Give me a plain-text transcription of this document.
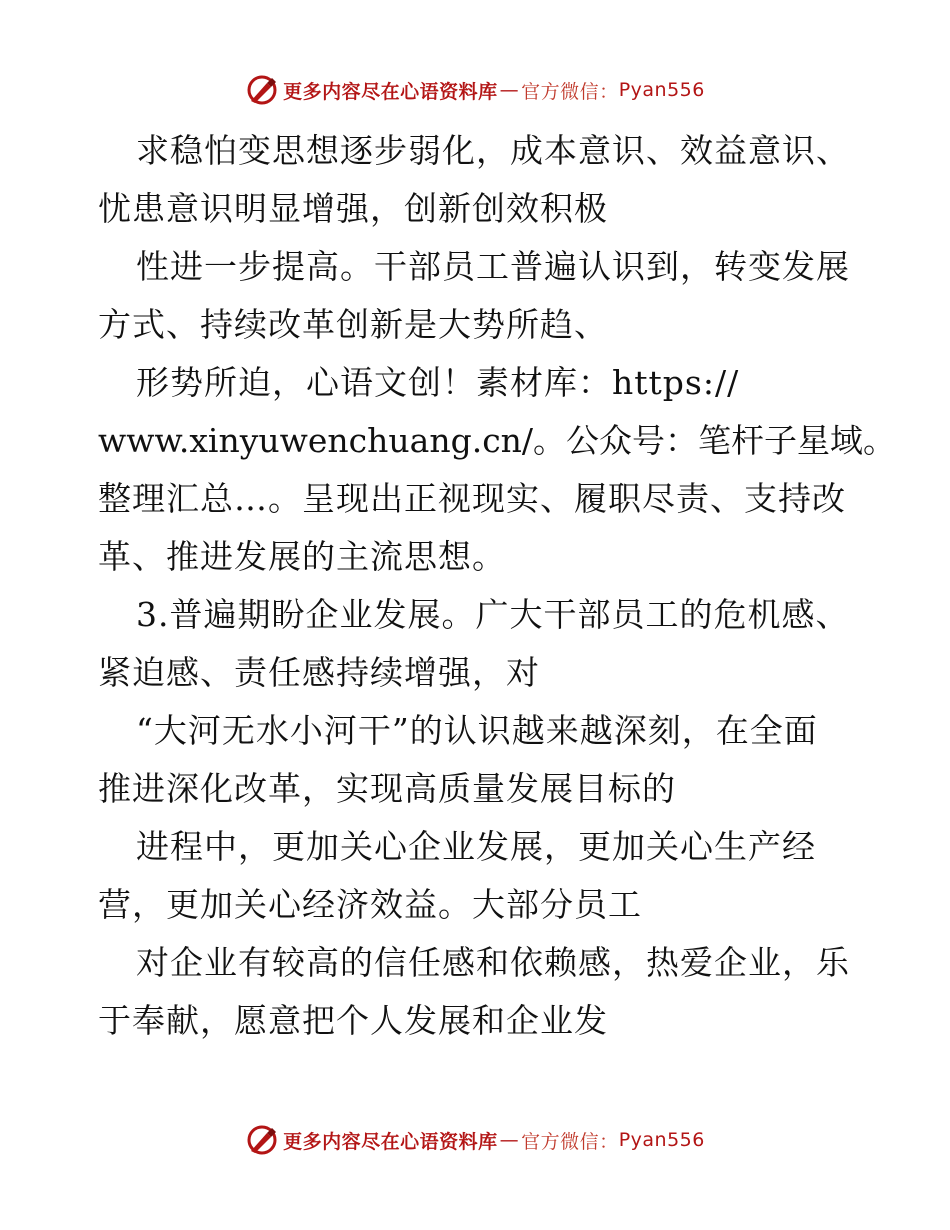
更多内容尽在心语资料库 — 官方微信： Pyan556
求稳怕变思想逐步弱化，成本意识、效益意识、
忧患意识明显增强，创新创效积极
性进一步提高。干部员工普遍认识到，转变发展
方式、持续改革创新是大势所趋、
形势所迫，心语文创！素材库：https://
www.xinyuwenchuang.cn/。公众号：笔杆子星域。
整理汇总…。呈现出正视现实、履职尽责、支持改
革、推进发展的主流思想。
3.普遍期盼企业发展。广大干部员工的危机感、
紧迫感、责任感持续增强，对
“大河无水小河干”的认识越来越深刻，在全面
推进深化改革，实现高质量发展目标的
进程中，更加关心企业发展，更加关心生产经
营，更加关心经济效益。大部分员工
对企业有较高的信任感和依赖感，热爱企业，乐
于奉献，愿意把个人发展和企业发
更多内容尽在心语资料库 — 官方微信： Pyan556
